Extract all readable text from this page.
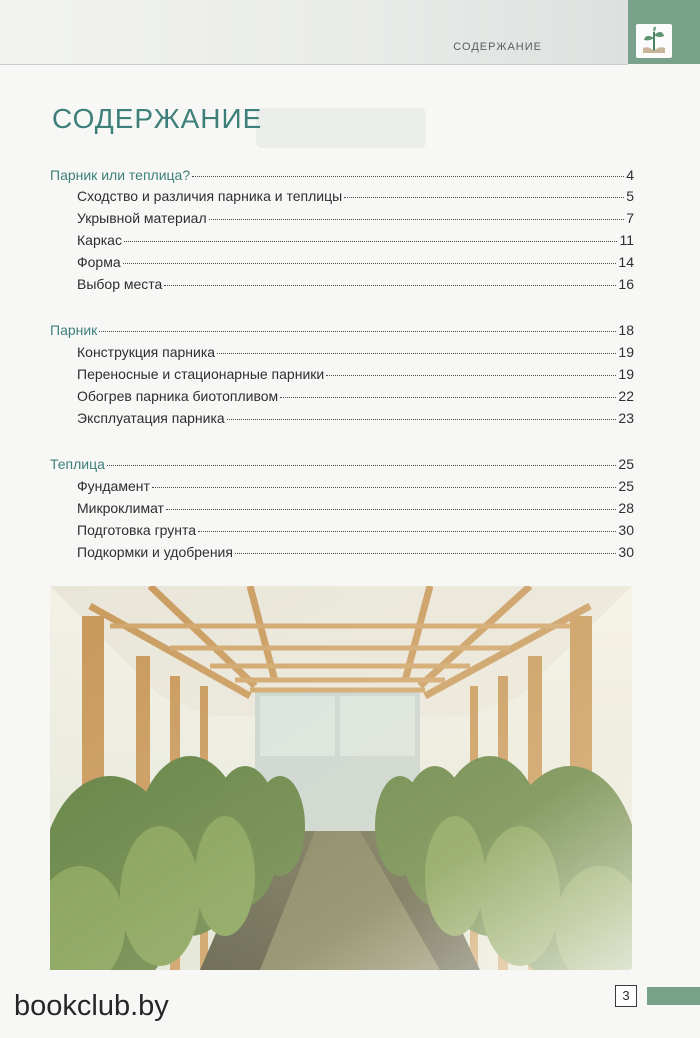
СОДЕРЖАНИЕ
СОДЕРЖАНИЕ
Парник или теплица?	4
Сходство и различия парника и теплицы	5
Укрывной материал	7
Каркас	11
Форма	14
Выбор места	16
Парник	18
Конструкция парника	19
Переносные и стационарные парники	19
Обогрев парника биотопливом	22
Эксплуатация парника	23
Теплица	25
Фундамент	25
Микроклимат	28
Подготовка грунта	30
Подкормки и удобрения	30
bookclub.by	3
